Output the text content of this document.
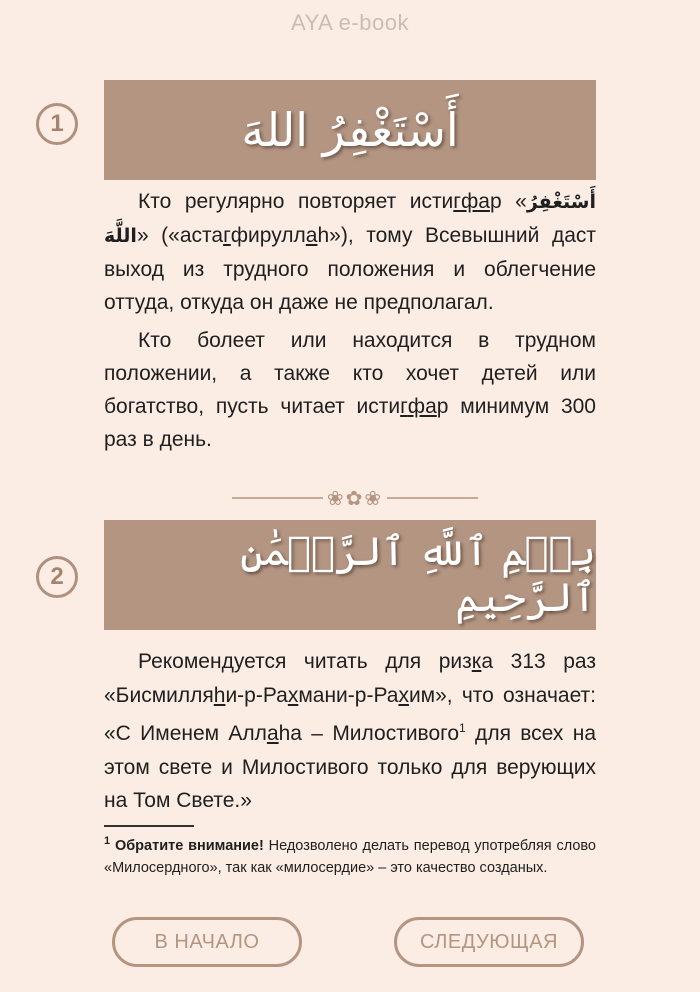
AYA e-book
1	أَسْتَغْفِرُ اللهَ

Кто регулярно повторяет истигфар «أَسْتَغْفِرُ اللَّهَ» («астагфируллаh»), тому Всевышний даст выход из трудного положения и облегчение оттуда, откуда он даже не предполагал.

Кто болеет или находится в трудном положении, а также кто хочет детей или богатство, пусть читает истигфар минимум 300 раз в день.

❀✿❀
2
بِسۡمِ ٱللَّهِ ٱلرَّحۡمَٰنِ ٱلرَّحِيمِ

Рекомендуется читать для ризка 313 раз «Бисмилляhи-р-Рахмани-р-Рахим», что означает: «С Именем Аллаhа – Милостивого$^1$ для всех на этом свете и Милостивого только для верующих на Том Свете.»

$^1$ Обратите внимание! Недозволено делать перевод употребляя слово «Милосердного», так как «милосердие» – это качество созданых.
В НАЧАЛО	СЛЕДУЮЩАЯ
